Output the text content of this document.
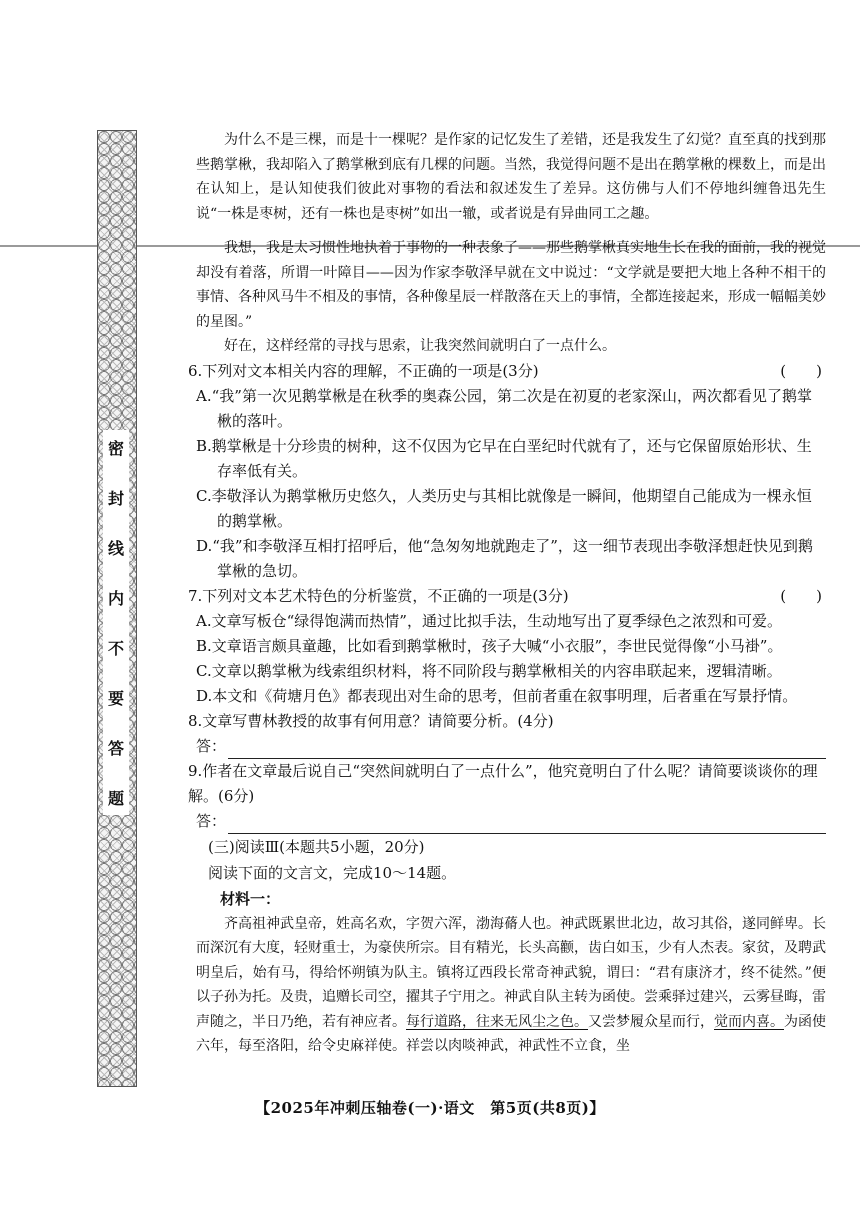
密
封
线
内
不
要
答
题

为什么不是三棵，而是十一棵呢？是作家的记忆发生了差错，还是我发生了幻觉？直至真的找到那些鹅掌楸，我却陷入了鹅掌楸到底有几棵的问题。当然，我觉得问题不是出在鹅掌楸的棵数上，而是出在认知上，是认知使我们彼此对事物的看法和叙述发生了差异。这仿佛与人们不停地纠缠鲁迅先生说“一株是枣树，还有一株也是枣树”如出一辙，或者说是有异曲同工之趣。

我想，我是太习惯性地执着于事物的一种表象了——那些鹅掌楸真实地生长在我的面前，我的视觉却没有着落，所谓一叶障目——因为作家李敬泽早就在文中说过：“文学就是要把大地上各种不相干的事情、各种风马牛不相及的事情，各种像星辰一样散落在天上的事情，全都连接起来，形成一幅幅美妙的星图。”

好在，这样经常的寻找与思索，让我突然间就明白了一点什么。

6.下列对文本相关内容的理解，不正确的一项是(3分)	(　　)

A.“我”第一次见鹅掌楸是在秋季的奥森公园，第二次是在初夏的老家深山，两次都看见了鹅掌楸的落叶。

B.鹅掌楸是十分珍贵的树种，这不仅因为它早在白垩纪时代就有了，还与它保留原始形状、生存率低有关。

C.李敬泽认为鹅掌楸历史悠久，人类历史与其相比就像是一瞬间，他期望自己能成为一棵永恒的鹅掌楸。

D.“我”和李敬泽互相打招呼后，他“急匆匆地就跑走了”，这一细节表现出李敬泽想赶快见到鹅掌楸的急切。

7.下列对文本艺术特色的分析鉴赏，不正确的一项是(3分)	(　　)

A.文章写板仓“绿得饱满而热情”，通过比拟手法，生动地写出了夏季绿色之浓烈和可爱。

B.文章语言颇具童趣，比如看到鹅掌楸时，孩子大喊“小衣服”，李世民觉得像“小马褂”。

C.文章以鹅掌楸为线索组织材料，将不同阶段与鹅掌楸相关的内容串联起来，逻辑清晰。

D.本文和《荷塘月色》都表现出对生命的思考，但前者重在叙事明理，后者重在写景抒情。

8.文章写曹林教授的故事有何用意？请简要分析。(4分)
答：
9.作者在文章最后说自己“突然间就明白了一点什么”，他究竟明白了什么呢？请简要谈谈你的理解。(6分)
答：

(三)阅读Ⅲ(本题共5小题，20分)

阅读下面的文言文，完成10～14题。

材料一：

齐高祖神武皇帝，姓高名欢，字贺六浑，渤海蓨人也。神武既累世北边，故习其俗，遂同鲜卑。长而深沉有大度，轻财重士，为豪侠所宗。目有精光，长头高颧，齿白如玉，少有人杰表。家贫，及聘武明皇后，始有马，得给怀朔镇为队主。镇将辽西段长常奇神武貌，谓曰：“君有康济才，终不徒然。”便以子孙为托。及贵，追赠长司空，擢其子宁用之。神武自队主转为函使。尝乘驿过建兴，云雾昼晦，雷声随之，半日乃绝，若有神应者。每行道路，往来无风尘之色。又尝梦履众星而行，觉而内喜。为函使六年，每至洛阳，给令史麻祥使。祥尝以肉啖神武，神武性不立食，坐

【2025年冲刺压轴卷(一)·语文　第5页(共8页)】
